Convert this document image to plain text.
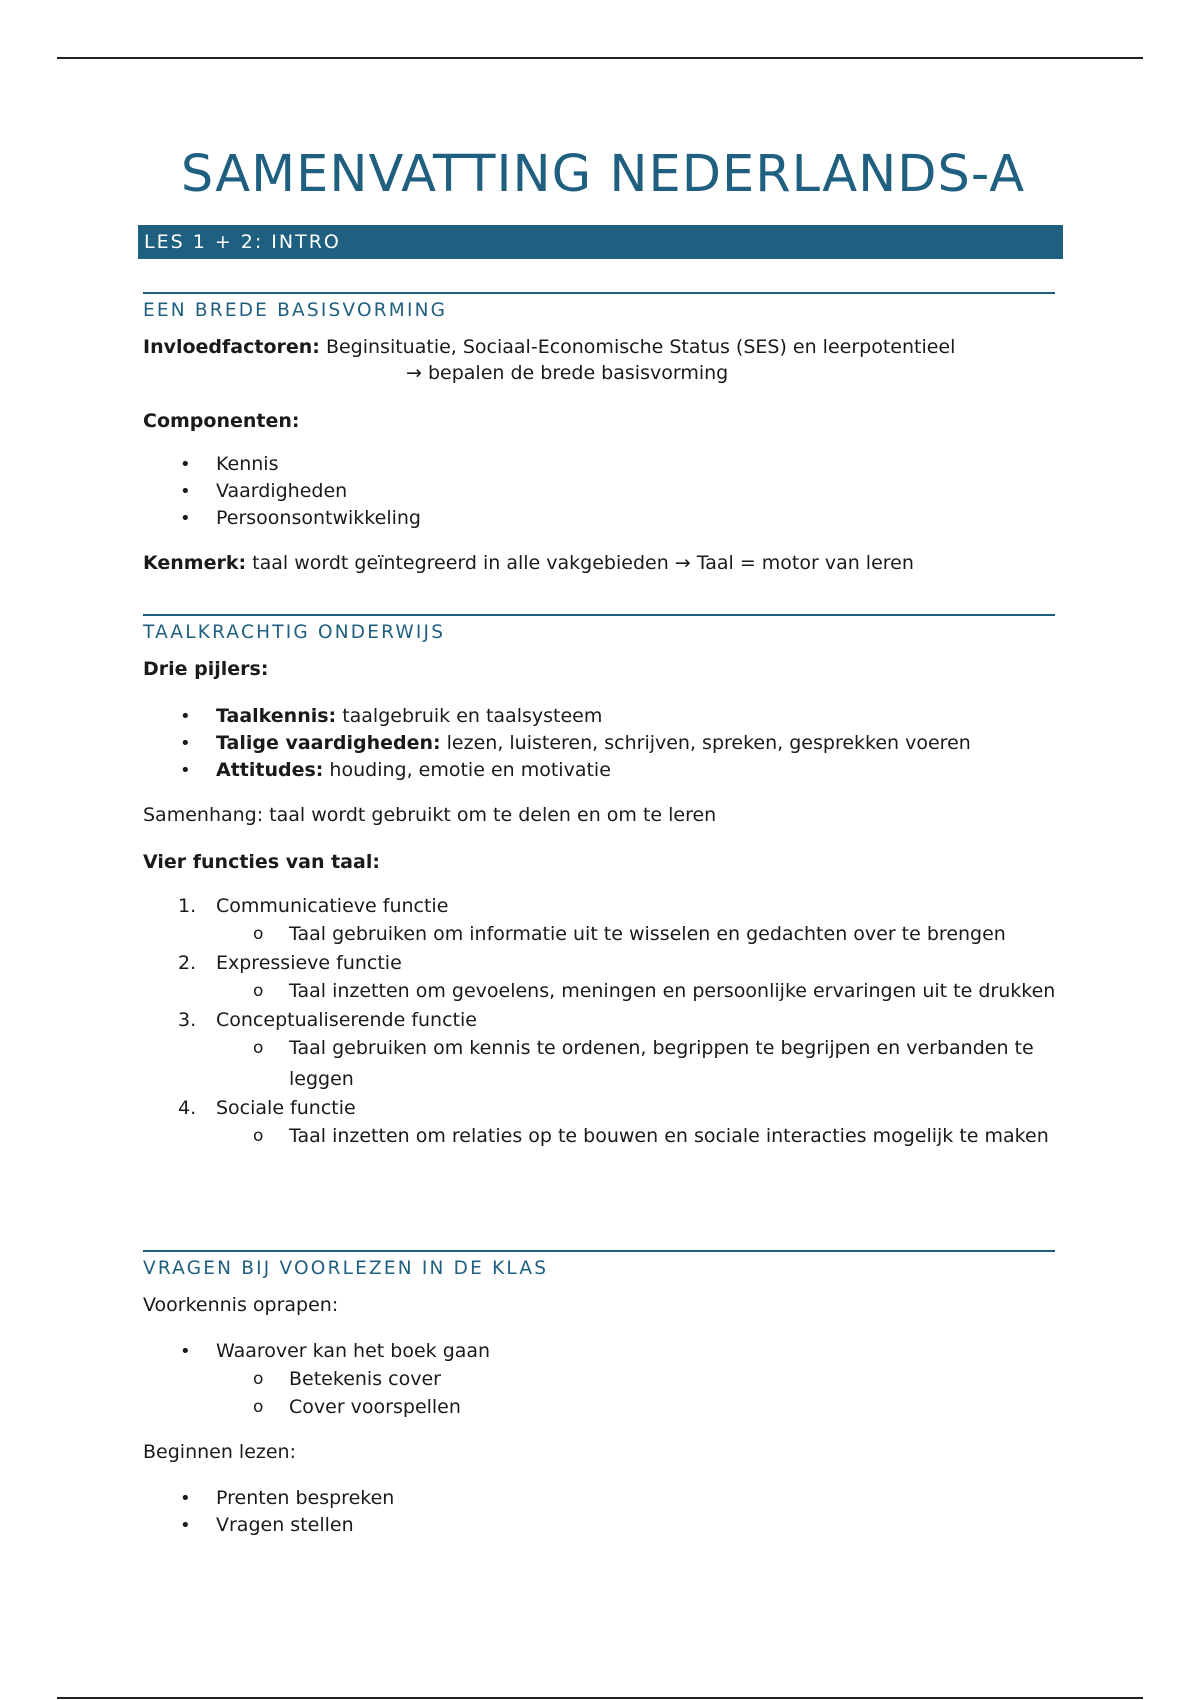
SAMENVATTING NEDERLANDS-A
LES 1 + 2: INTRO
EEN BREDE BASISVORMING

Invloedfactoren: Beginsituatie, Sociaal-Economische Status (SES) en leerpotentieel

→ bepalen de brede basisvorming

Componenten:

• Kennis
• Vaardigheden
• Persoonsontwikkeling

Kenmerk: taal wordt geïntegreerd in alle vakgebieden → Taal = motor van leren

TAALKRACHTIG ONDERWIJS

Drie pijlers:

• Taalkennis: taalgebruik en taalsysteem
• Talige vaardigheden: lezen, luisteren, schrijven, spreken, gesprekken voeren
• Attitudes: houding, emotie en motivatie

Samenhang: taal wordt gebruikt om te delen en om te leren

Vier functies van taal:

1. Communicatieve functie
o Taal gebruiken om informatie uit te wisselen en gedachten over te brengen
2. Expressieve functie
o Taal inzetten om gevoelens, meningen en persoonlijke ervaringen uit te drukken
3. Conceptualiserende functie
o Taal gebruiken om kennis te ordenen, begrippen te begrijpen en verbanden te leggen
4. Sociale functie
o Taal inzetten om relaties op te bouwen en sociale interacties mogelijk te maken
VRAGEN BIJ VOORLEZEN IN DE KLAS

Voorkennis oprapen:

• Waarover kan het boek gaan
o Betekenis cover
o Cover voorspellen

Beginnen lezen:

• Prenten bespreken
• Vragen stellen
